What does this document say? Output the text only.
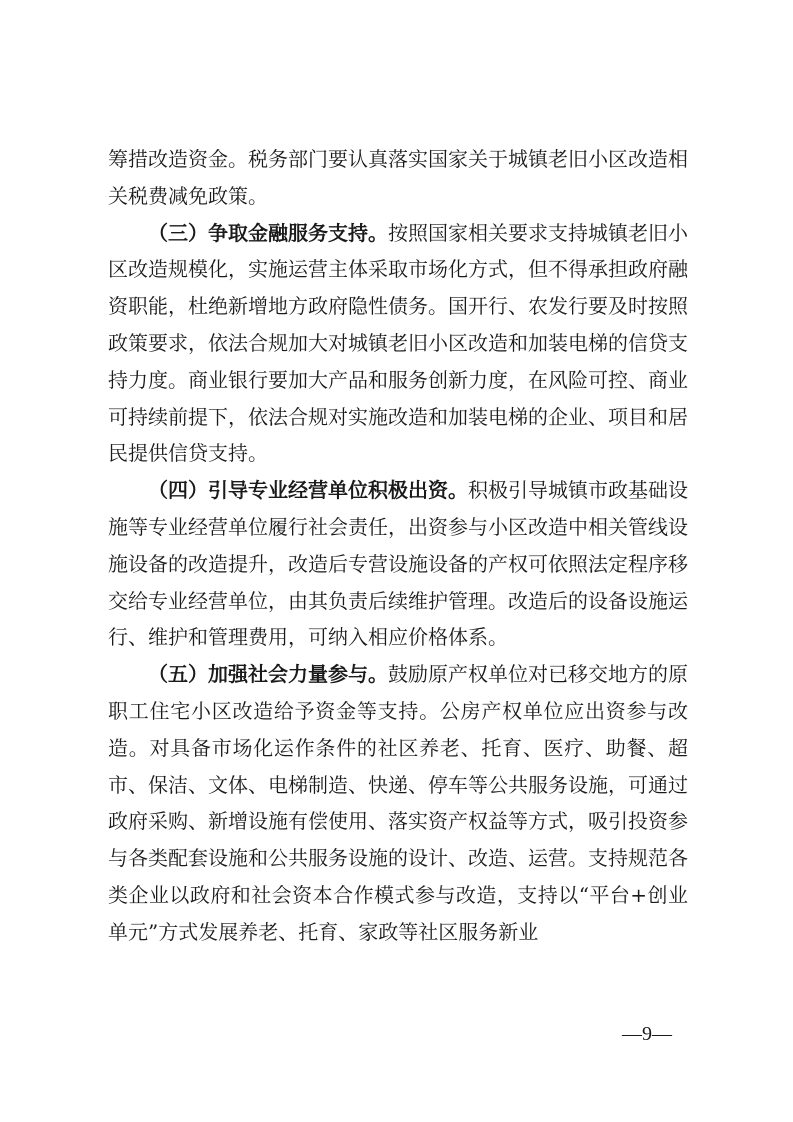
筹措改造资金。税务部门要认真落实国家关于城镇老旧小区改造相关税费减免政策。

（三）争取金融服务支持。按照国家相关要求支持城镇老旧小区改造规模化，实施运营主体采取市场化方式，但不得承担政府融资职能，杜绝新增地方政府隐性债务。国开行、农发行要及时按照政策要求，依法合规加大对城镇老旧小区改造和加装电梯的信贷支持力度。商业银行要加大产品和服务创新力度，在风险可控、商业可持续前提下，依法合规对实施改造和加装电梯的企业、项目和居民提供信贷支持。

（四）引导专业经营单位积极出资。积极引导城镇市政基础设施等专业经营单位履行社会责任，出资参与小区改造中相关管线设施设备的改造提升，改造后专营设施设备的产权可依照法定程序移交给专业经营单位，由其负责后续维护管理。改造后的设备设施运行、维护和管理费用，可纳入相应价格体系。

（五）加强社会力量参与。鼓励原产权单位对已移交地方的原职工住宅小区改造给予资金等支持。公房产权单位应出资参与改造。对具备市场化运作条件的社区养老、托育、医疗、助餐、超市、保洁、文体、电梯制造、快递、停车等公共服务设施，可通过政府采购、新增设施有偿使用、落实资产权益等方式，吸引投资参与各类配套设施和公共服务设施的设计、改造、运营。支持规范各类企业以政府和社会资本合作模式参与改造，支持以“平台+创业单元”方式发展养老、托育、家政等社区服务新业

—9—
